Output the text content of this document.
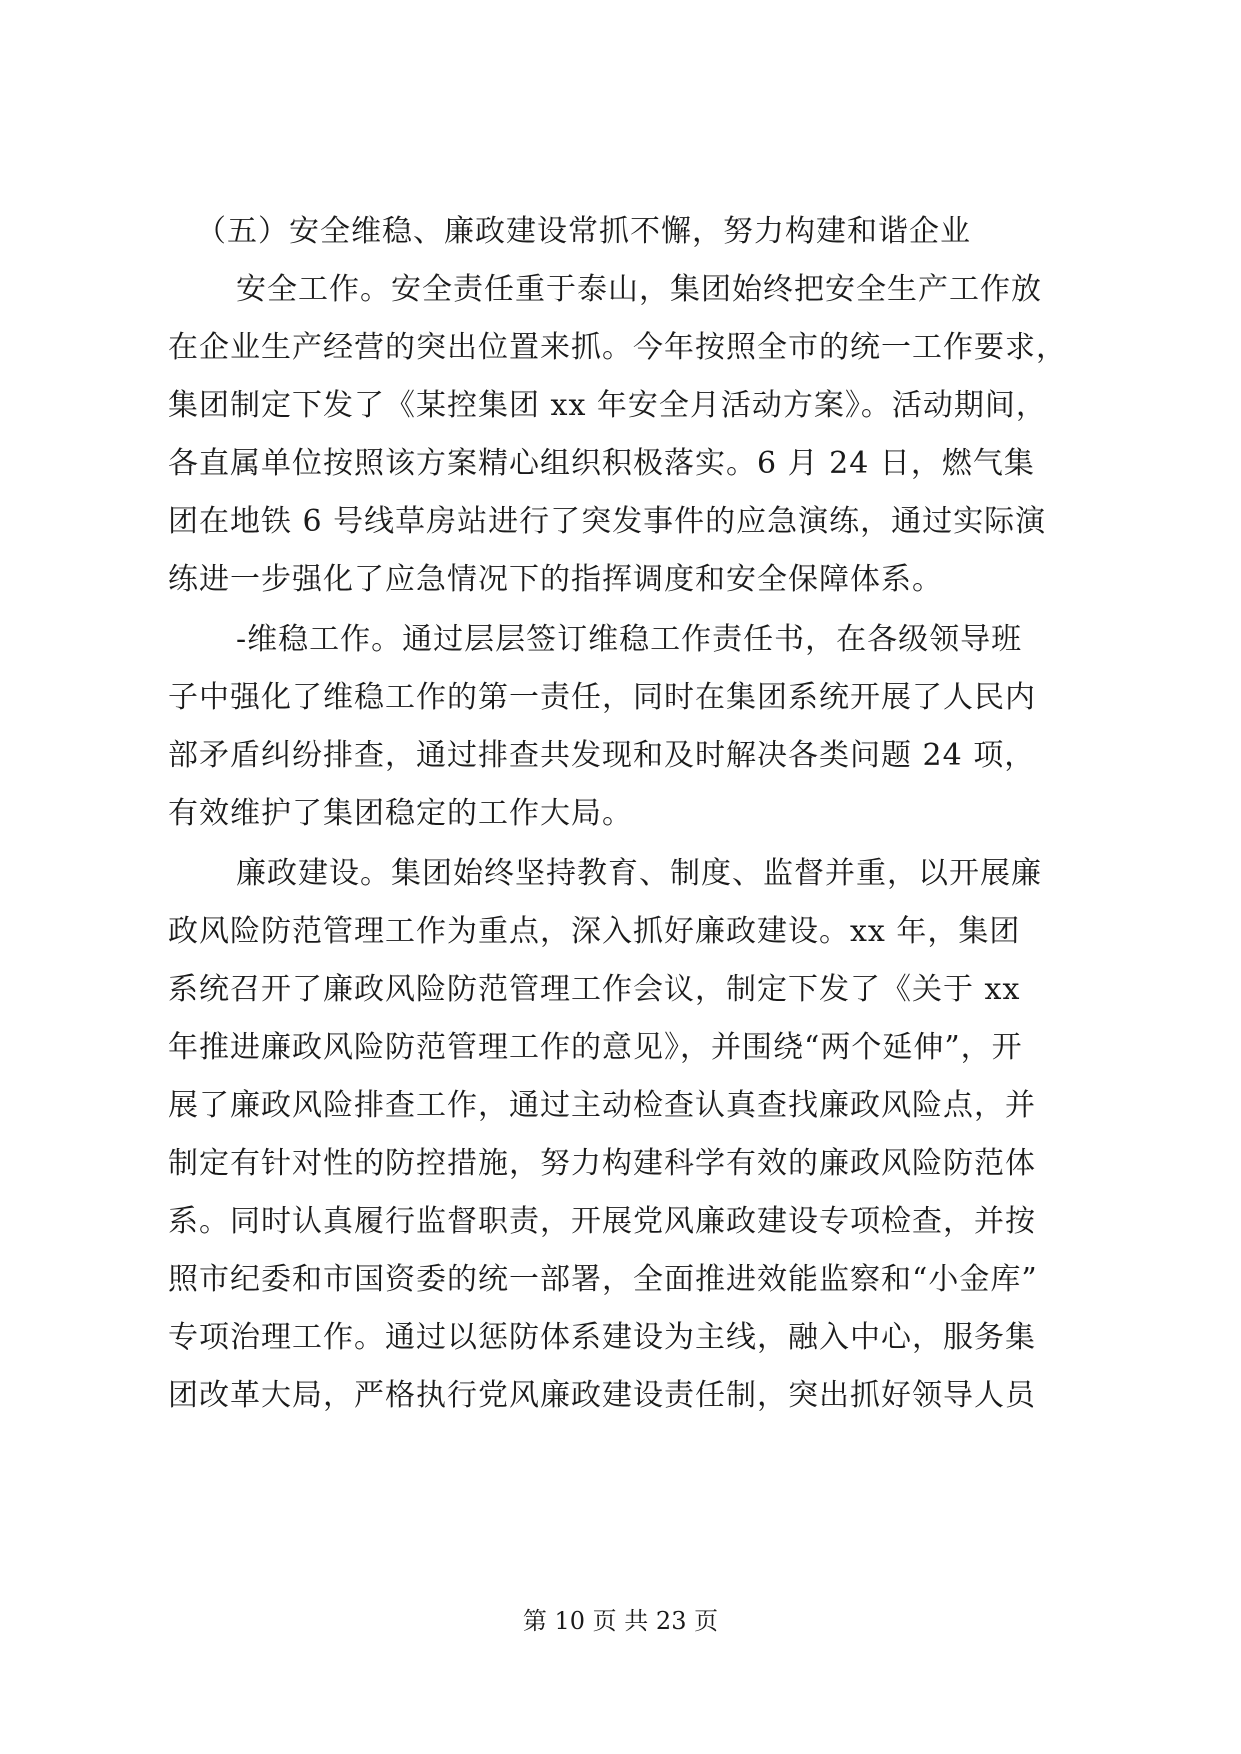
（五）安全维稳、廉政建设常抓不懈，努力构建和谐企业
安全工作。安全责任重于泰山，集团始终把安全生产工作放
在企业生产经营的突出位置来抓。今年按照全市的统一工作要求，
集团制定下发了《某控集团 xx 年安全月活动方案》。活动期间，
各直属单位按照该方案精心组织积极落实。6 月 24 日，燃气集
团在地铁 6 号线草房站进行了突发事件的应急演练，通过实际演
练进一步强化了应急情况下的指挥调度和安全保障体系。
-维稳工作。通过层层签订维稳工作责任书，在各级领导班
子中强化了维稳工作的第一责任，同时在集团系统开展了人民内
部矛盾纠纷排查，通过排查共发现和及时解决各类问题 24 项，
有效维护了集团稳定的工作大局。
廉政建设。集团始终坚持教育、制度、监督并重，以开展廉
政风险防范管理工作为重点，深入抓好廉政建设。xx 年，集团
系统召开了廉政风险防范管理工作会议，制定下发了《关于 xx
年推进廉政风险防范管理工作的意见》，并围绕“两个延伸”，开
展了廉政风险排查工作，通过主动检查认真查找廉政风险点，并
制定有针对性的防控措施，努力构建科学有效的廉政风险防范体
系。同时认真履行监督职责，开展党风廉政建设专项检查，并按
照市纪委和市国资委的统一部署，全面推进效能监察和“小金库”
专项治理工作。通过以惩防体系建设为主线，融入中心，服务集
团改革大局，严格执行党风廉政建设责任制，突出抓好领导人员
第 10 页 共 23 页
